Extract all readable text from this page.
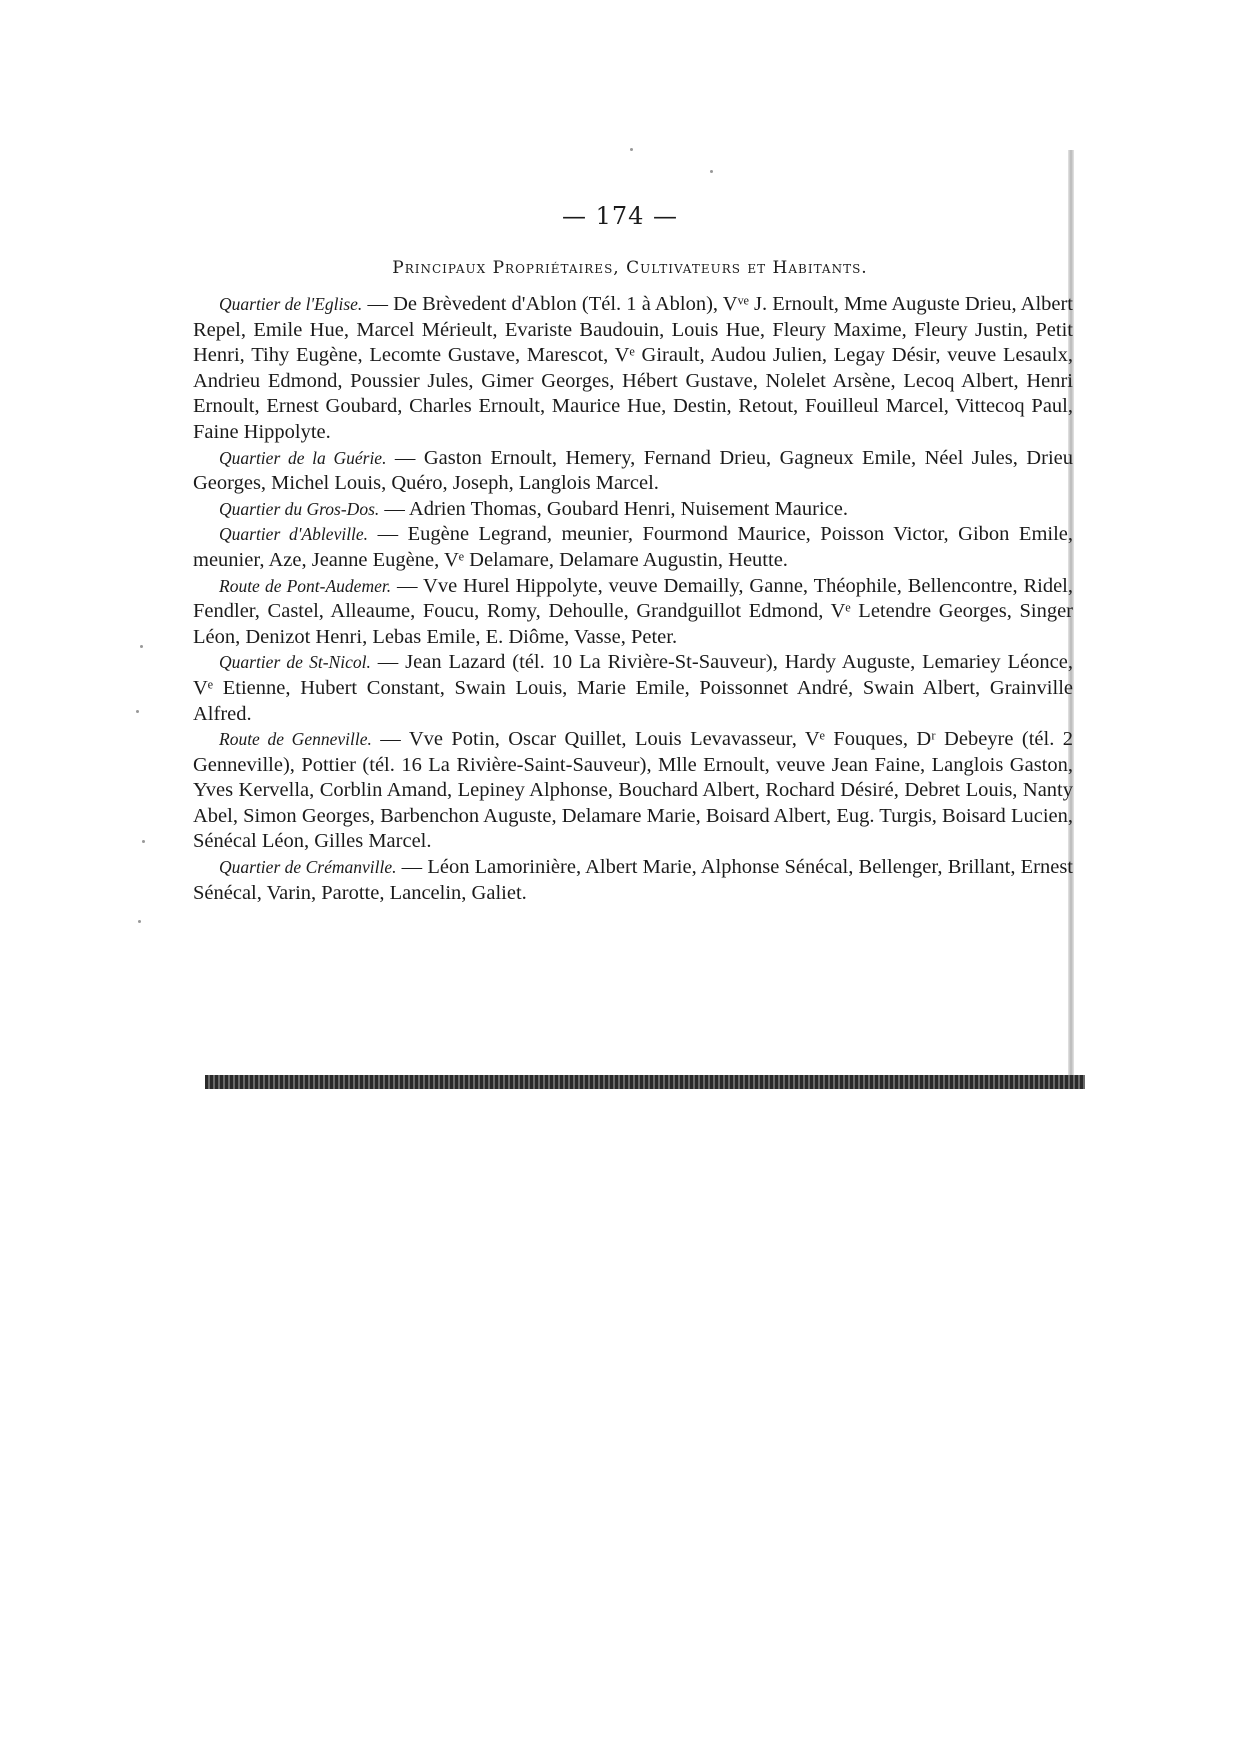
— 174 —
Principaux Propriétaires, Cultivateurs et Habitants.

Quartier de l'Eglise. — De Brèvedent d'Ablon (Tél. 1 à Ablon), Vᵛᵉ J. Ernoult, Mme Auguste Drieu, Albert Repel, Emile Hue, Marcel Mérieult, Evariste Baudouin, Louis Hue, Fleury Maxime, Fleury Justin, Petit Henri, Tihy Eugène, Lecomte Gustave, Marescot, Vᵉ Girault, Audou Julien, Legay Désir, veuve Lesaulx, Andrieu Edmond, Poussier Jules, Gimer Georges, Hébert Gustave, Nolelet Arsène, Lecoq Albert, Henri Ernoult, Ernest Goubard, Charles Ernoult, Maurice Hue, Destin, Retout, Fouilleul Marcel, Vittecoq Paul, Faine Hippolyte.

Quartier de la Guérie. — Gaston Ernoult, Hemery, Fernand Drieu, Gagneux Emile, Néel Jules, Drieu Georges, Michel Louis, Quéro, Joseph, Langlois Marcel.

Quartier du Gros-Dos. — Adrien Thomas, Goubard Henri, Nuisement Maurice.

Quartier d'Ableville. — Eugène Legrand, meunier, Fourmond Maurice, Poisson Victor, Gibon Emile, meunier, Aze, Jeanne Eugène, Vᵉ Delamare, Delamare Augustin, Heutte.

Route de Pont-Audemer. — Vve Hurel Hippolyte, veuve Demailly, Ganne, Théophile, Bellencontre, Ridel, Fendler, Castel, Alleaume, Foucu, Romy, Dehoulle, Grandguillot Edmond, Vᵉ Letendre Georges, Singer Léon, Denizot Henri, Lebas Emile, E. Diôme, Vasse, Peter.

Quartier de St-Nicol. — Jean Lazard (tél. 10 La Rivière-St-Sauveur), Hardy Auguste, Lemariey Léonce, Vᵉ Etienne, Hubert Constant, Swain Louis, Marie Emile, Poissonnet André, Swain Albert, Grainville Alfred.

Route de Genneville. — Vve Potin, Oscar Quillet, Louis Levavasseur, Vᵉ Fouques, Dʳ Debeyre (tél. 2 Genneville), Pottier (tél. 16 La Rivière-Saint-Sauveur), Mlle Ernoult, veuve Jean Faine, Langlois Gaston, Yves Kervella, Corblin Amand, Lepiney Alphonse, Bouchard Albert, Rochard Désiré, Debret Louis, Nanty Abel, Simon Georges, Barbenchon Auguste, Delamare Marie, Boisard Albert, Eug. Turgis, Boisard Lucien, Sénécal Léon, Gilles Marcel.

Quartier de Crémanville. — Léon Lamorinière, Albert Marie, Alphonse Sénécal, Bellenger, Brillant, Ernest Sénécal, Varin, Parotte, Lancelin, Galiet.
